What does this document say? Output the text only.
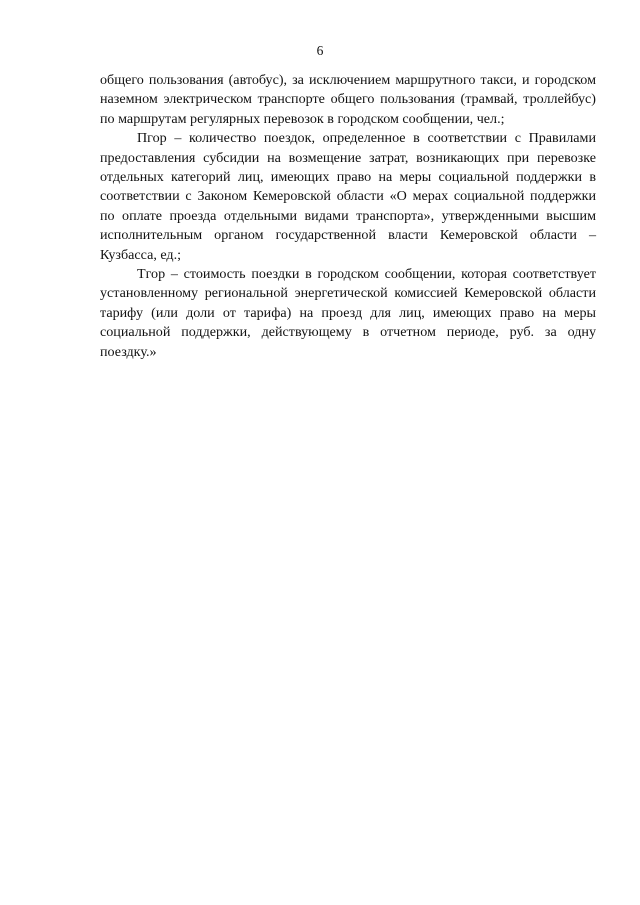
6

общего пользования (автобус), за исключением маршрутного такси, и городском наземном электрическом транспорте общего пользования (трамвай, троллейбус) по маршрутам регулярных перевозок в городском сообщении, чел.;

Пгор – количество поездок, определенное в соответствии с Правилами предоставления субсидии на возмещение затрат, возникающих при перевозке отдельных категорий лиц, имеющих право на меры социальной поддержки в соответствии с Законом Кемеровской области «О мерах социальной поддержки по оплате проезда отдельными видами транспорта», утвержденными высшим исполнительным органом государственной власти Кемеровской области – Кузбасса, ед.;

Тгор – стоимость поездки в городском сообщении, которая соответствует установленному региональной энергетической комиссией Кемеровской области тарифу (или доли от тарифа) на проезд для лиц, имеющих право на меры социальной поддержки, действующему в отчетном периоде, руб. за одну поездку.»
